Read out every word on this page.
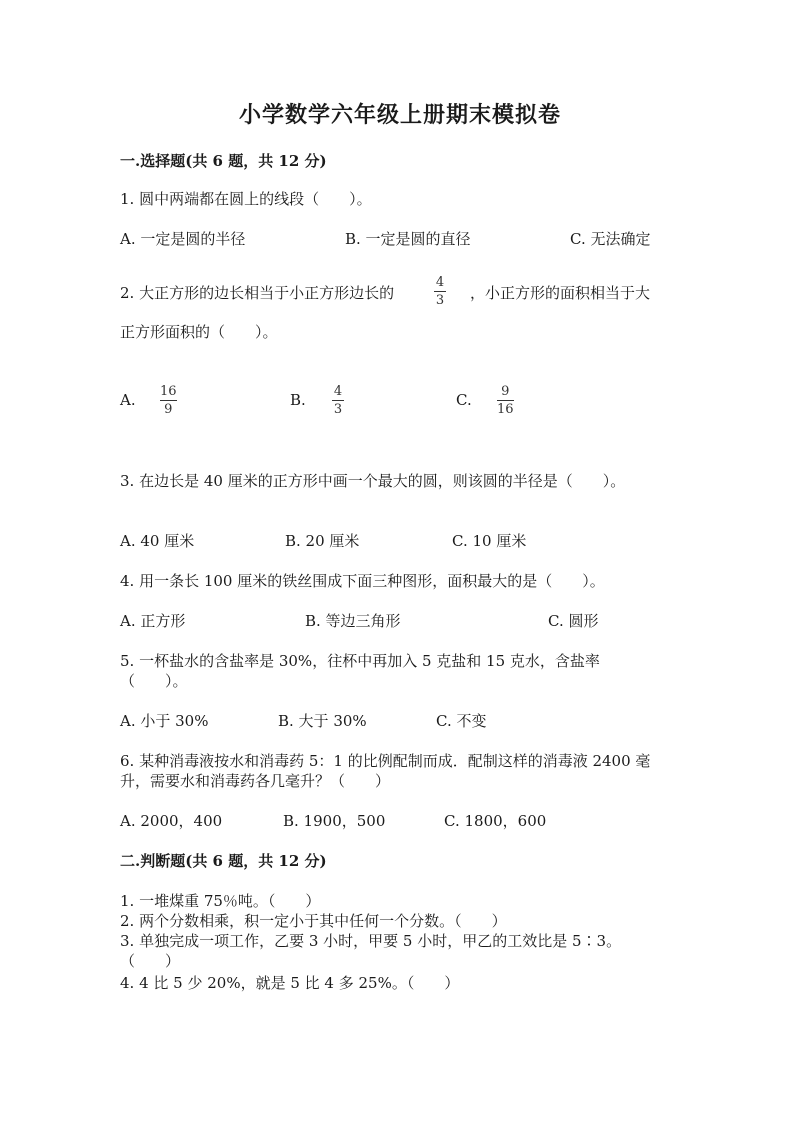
小学数学六年级上册期末模拟卷
一.选择题(共 6 题，共 12 分)
1. 圆中两端都在圆上的线段（　　）。
A. 一定是圆的半径	B. 一定是圆的直径	C. 无法确定
2. 大正方形的边长相当于小正方形边长的
4
3 ，小正方形的面积相当于大
正方形面积的（　　）。
A. 16
9
B. 4
3
C. 9
16
3. 在边长是 40 厘米的正方形中画一个最大的圆，则该圆的半径是（　　）。
A. 40 厘米	B. 20 厘米	C. 10 厘米
4. 用一条长 100 厘米的铁丝围成下面三种图形，面积最大的是（　　）。
A. 正方形	B. 等边三角形	C. 圆形
5. 一杯盐水的含盐率是 30%，往杯中再加入 5 克盐和 15 克水，含盐率
（　　）。
A. 小于 30%	B. 大于 30%	C. 不变
6. 某种消毒液按水和消毒药 5：1 的比例配制而成．配制这样的消毒液 2400 毫
升，需要水和消毒药各几毫升？（　　）
A. 2000，400	B. 1900，500	C. 1800，600
二.判断题(共 6 题，共 12 分)
1. 一堆煤重 75％吨。（　　）
2. 两个分数相乘，积一定小于其中任何一个分数。（　　）
3. 单独完成一项工作，乙要 3 小时，甲要 5 小时，甲乙的工效比是 5∶3。
（　　）
4. 4 比 5 少 20%，就是 5 比 4 多 25%。（　　）
